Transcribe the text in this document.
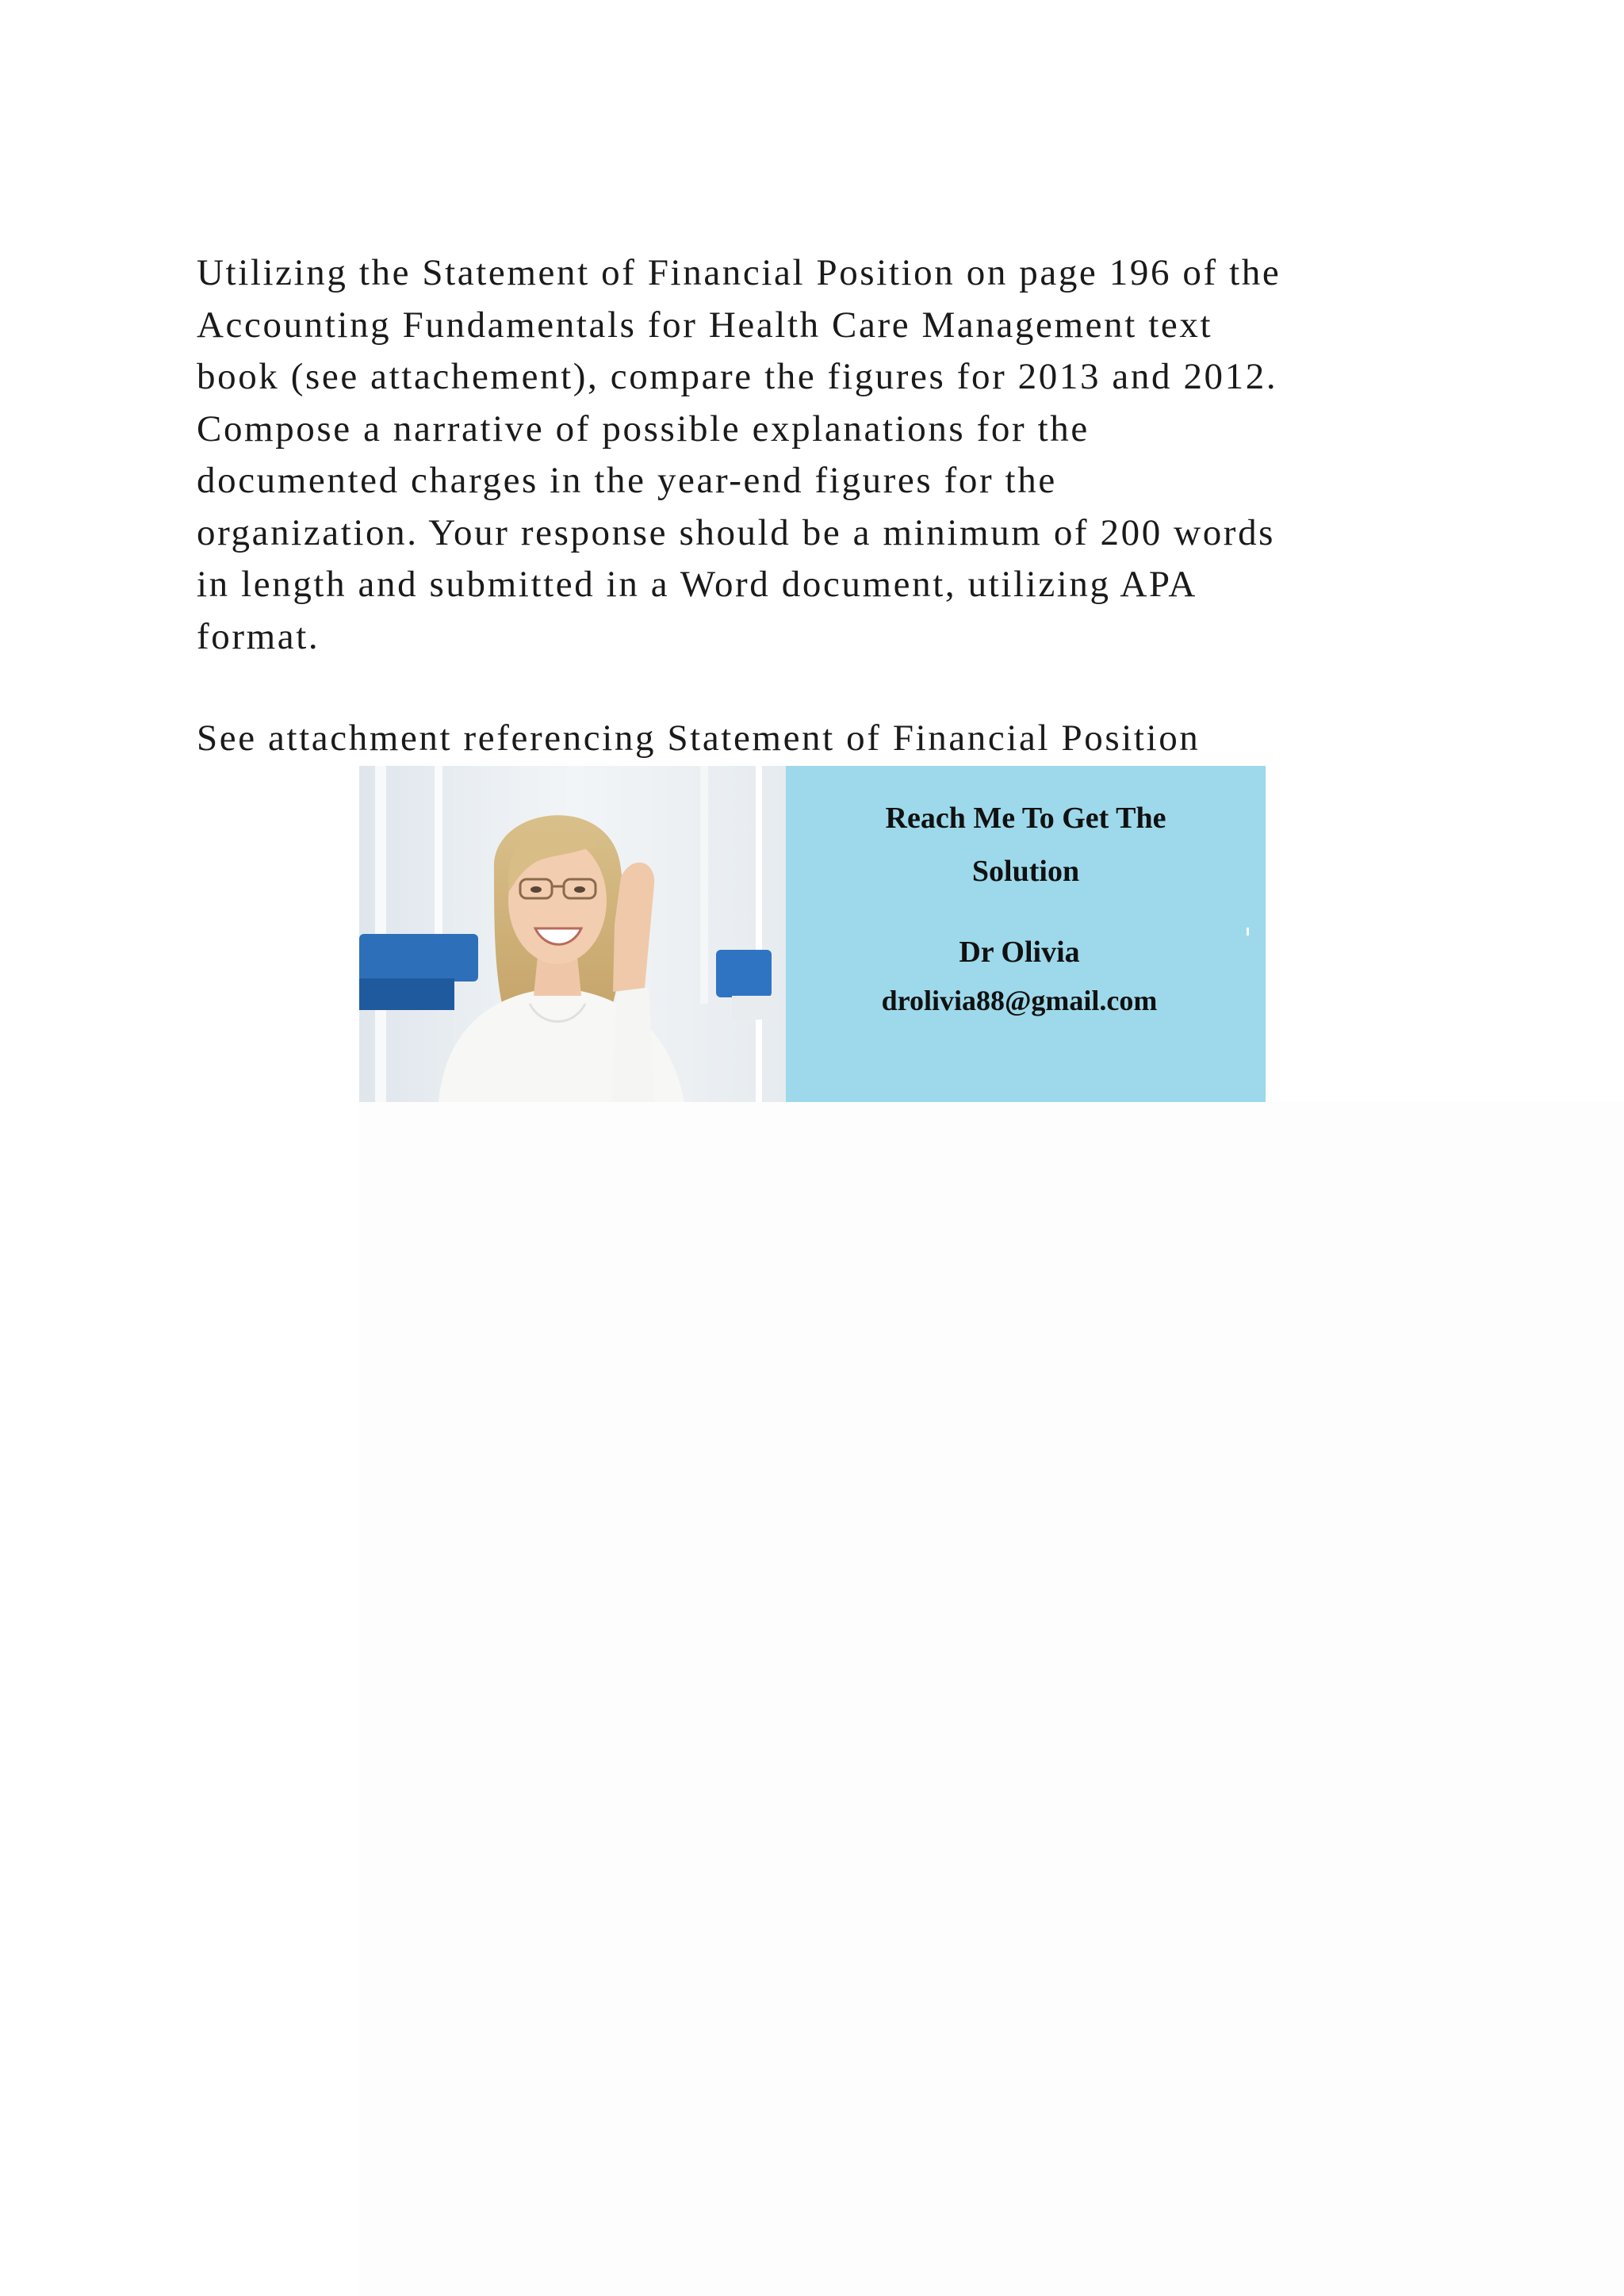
Utilizing the Statement of Financial Position on page 196 of the

Accounting Fundamentals for Health Care Management text

book (see attachement), compare the figures for 2013 and 2012.

Compose a narrative of possible explanations for the

documented charges in the year-end figures for the

organization. Your response should be a minimum of 200 words

in length and submitted in a Word document, utilizing APA

format.

See attachment referencing Statement of Financial Position

Reach Me To Get The
Solution
Dr Olivia
drolivia88@gmail.com
